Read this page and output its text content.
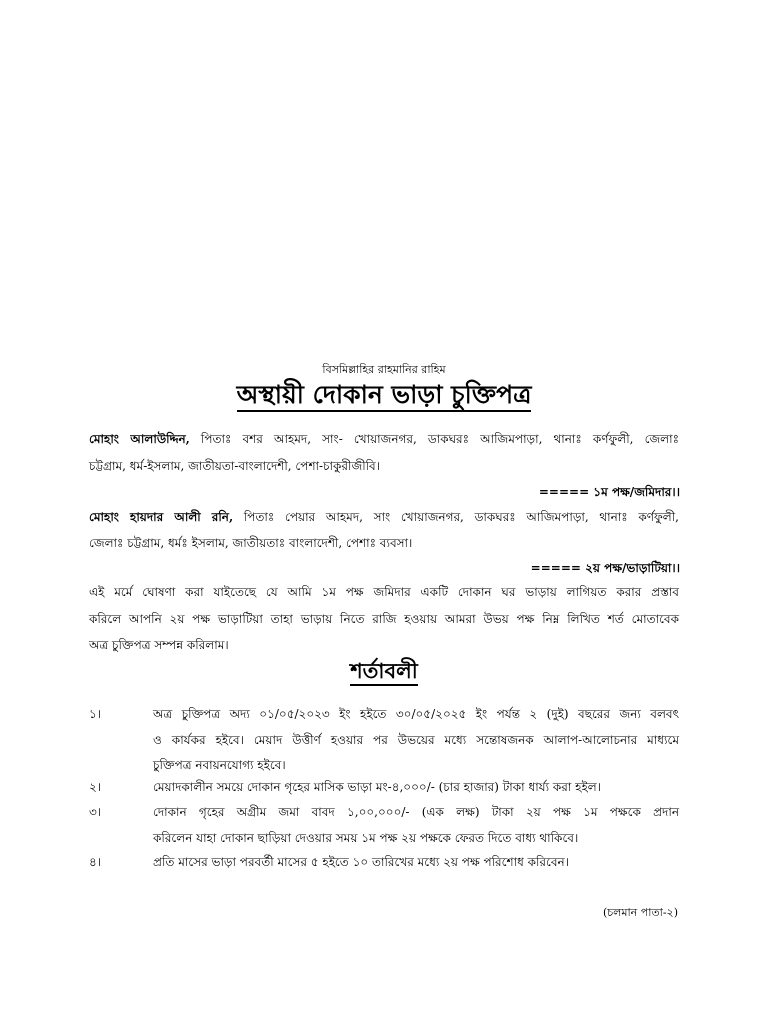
বিসমিল্লাহির রাহমানির রাহিম
অস্থায়ী দোকান ভাড়া চুক্তিপত্র
মোহাং আলাউদ্দিন, পিতাঃ বশর আহমদ, সাং- খোয়াজনগর, ডাকঘরঃ আজিমপাড়া, থানাঃ কর্ণফুলী, জেলাঃ
চট্টগ্রাম, ধর্ম-ইসলাম, জাতীয়তা-বাংলাদেশী, পেশা-চাকুরীজীবি।
===== ১ম পক্ষ/জমিদার।।
মোহাং হায়দার আলী রনি, পিতাঃ পেয়ার আহমদ, সাং খোয়াজনগর, ডাকঘরঃ আজিমপাড়া, থানাঃ কর্ণফুলী,
জেলাঃ চট্টগ্রাম, ধর্মঃ ইসলাম, জাতীয়তাঃ বাংলাদেশী, পেশাঃ ব্যবসা।
===== ২য় পক্ষ/ভাড়াটিয়া।।
এই মর্মে ঘোষণা করা যাইতেছে যে আমি ১ম পক্ষ জমিদার একটি দোকান ঘর ভাড়ায় লাগিয়ত করার প্রস্তাব
করিলে আপনি ২য় পক্ষ ভাড়াটিয়া তাহা ভাড়ায় নিতে রাজি হওয়ায় আমরা উভয় পক্ষ নিম্ন লিখিত শর্ত মোতাবেক
অত্র চুক্তিপত্র সম্পন্ন করিলাম।
শর্তাবলী
১।	অত্র চুক্তিপত্র অদ্য ০১/০৫/২০২৩ ইং হইতে ৩০/০৫/২০২৫ ইং পর্যন্ত ২ (দুই) বছরের জন্য বলবৎ
ও কার্যকর হইবে। মেয়াদ উত্তীর্ণ হওয়ার পর উভয়ের মধ্যে সন্তোষজনক আলাপ-আলোচনার মাধ্যমে
চুক্তিপত্র নবায়নযোগ্য হইবে।
২।	মেয়াদকালীন সময়ে দোকান গৃহের মাসিক ভাড়া মং-৪,০০০/- (চার হাজার) টাকা ধার্য্য করা হইল।
৩।	দোকান গৃহের অগ্রীম জমা বাবদ ১,০০,০০০/- (এক লক্ষ) টাকা ২য় পক্ষ ১ম পক্ষকে প্রদান
করিলেন যাহা দোকান ছাড়িয়া দেওয়ার সময় ১ম পক্ষ ২য় পক্ষকে ফেরত দিতে বাধ্য থাকিবে।
৪।	প্রতি মাসের ভাড়া পরবর্তী মাসের ৫ হইতে ১০ তারিখের মধ্যে ২য় পক্ষ পরিশোধ করিবেন।
(চলমান পাতা-২)
